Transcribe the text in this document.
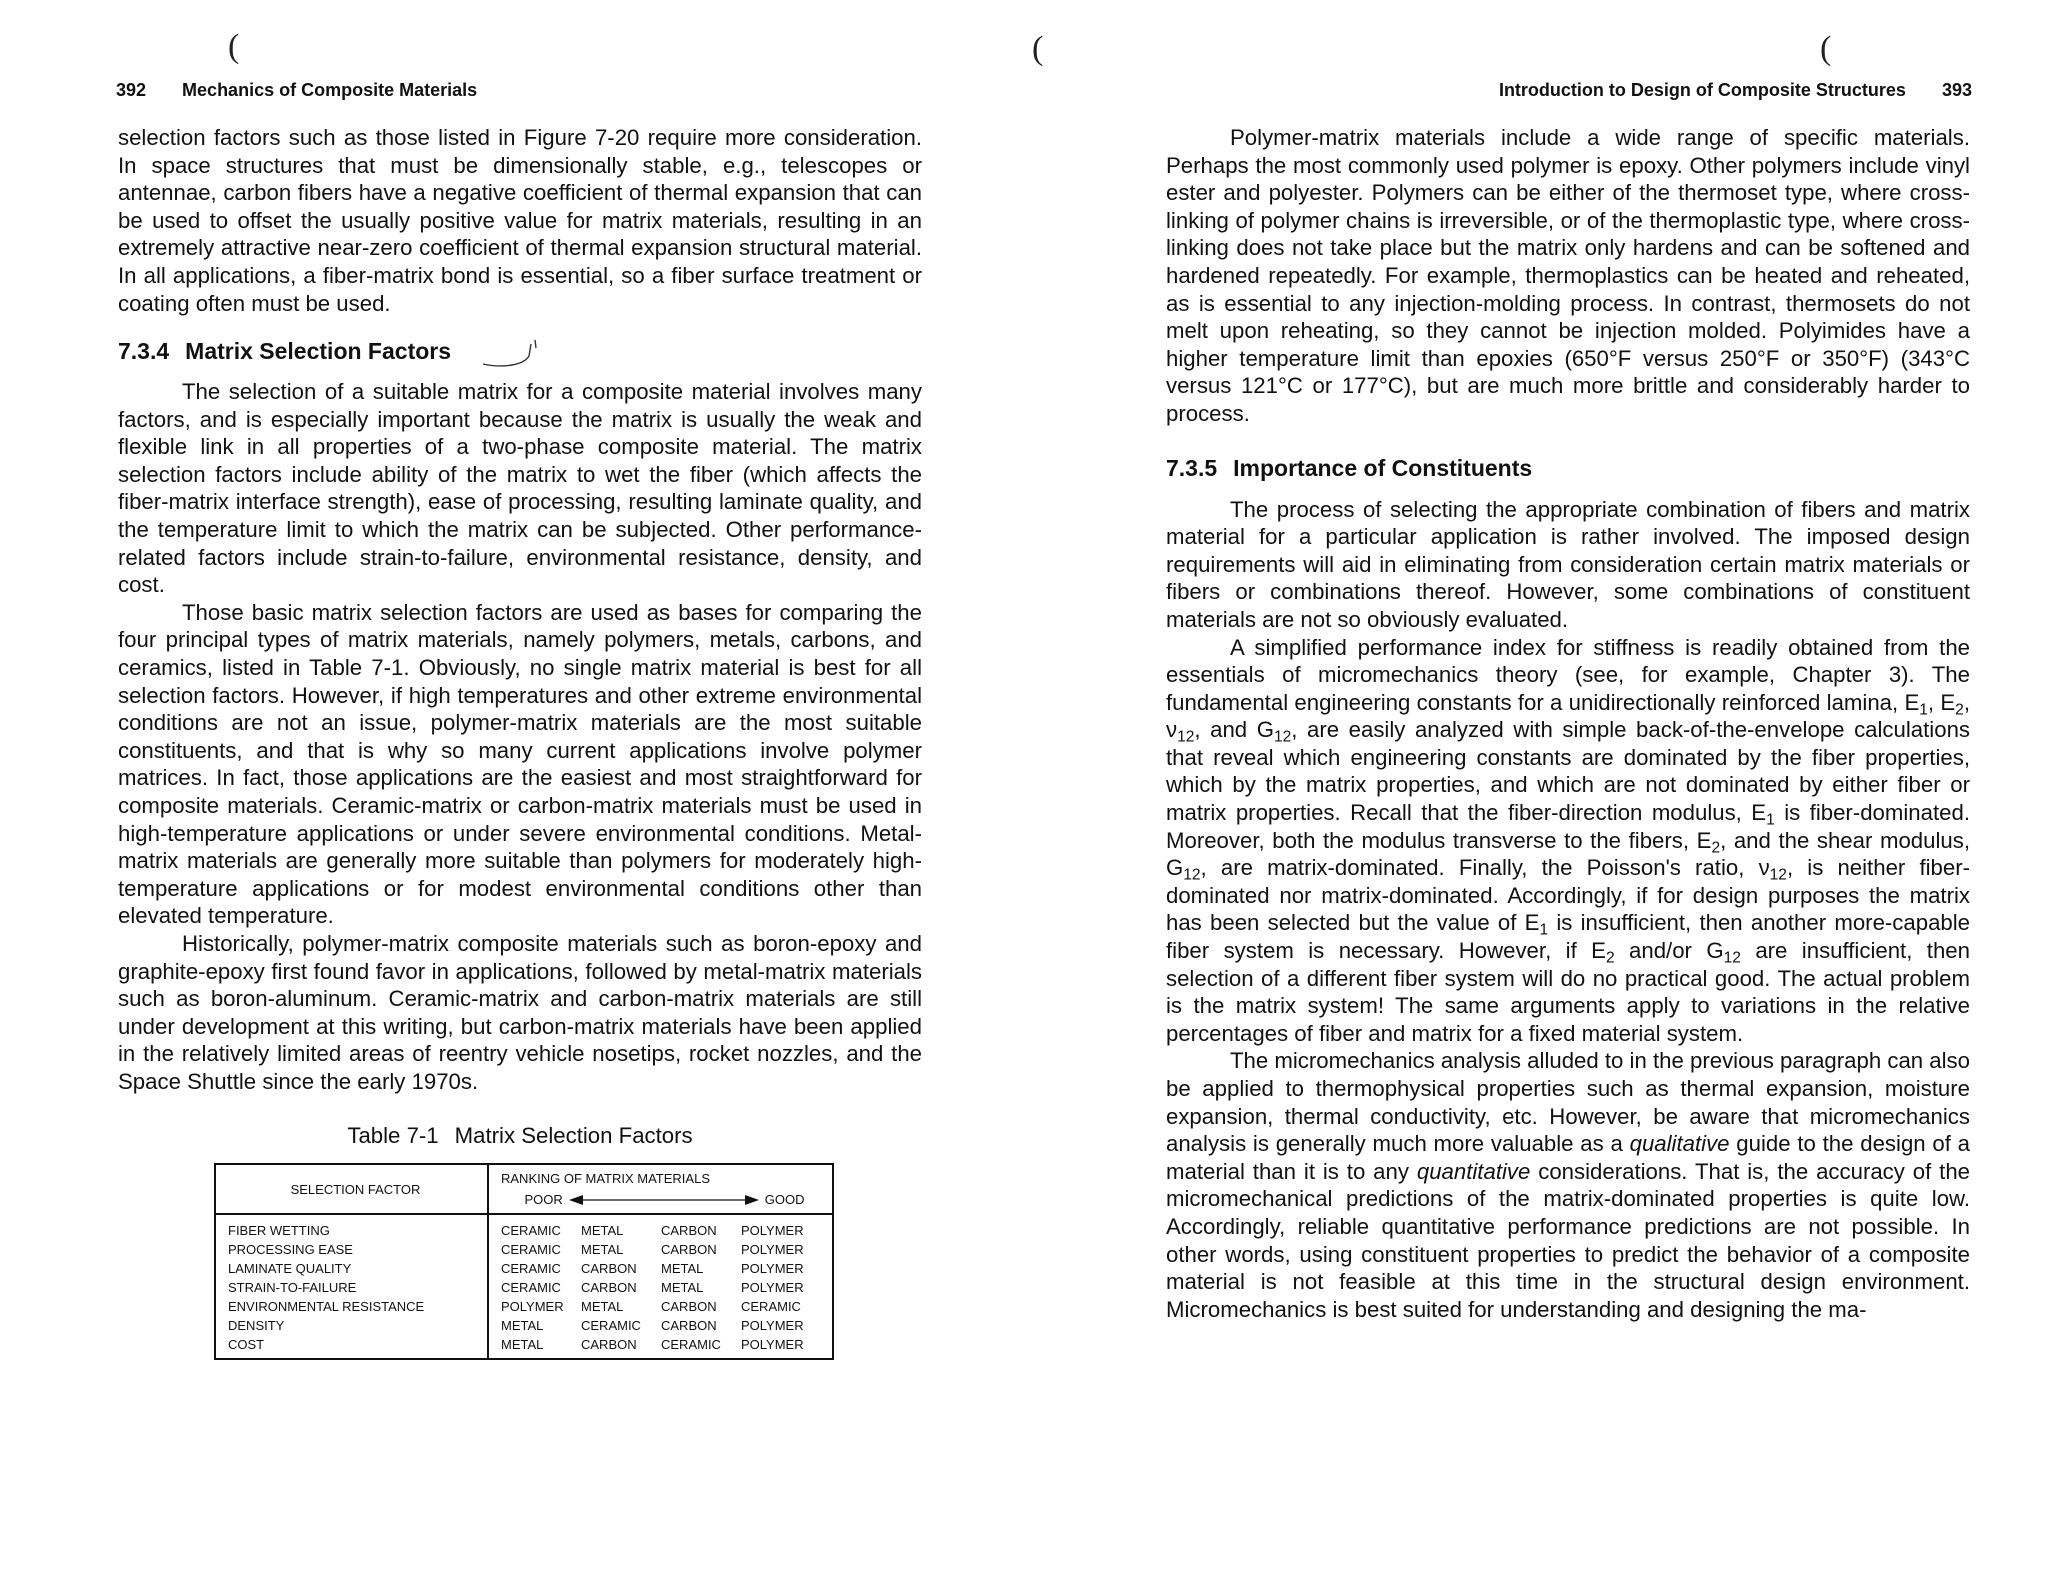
(
392 Mechanics of Composite Materials

selection factors such as those listed in Figure 7-20 require more consideration. In space structures that must be dimensionally stable, e.g., telescopes or antennae, carbon fibers have a negative coefficient of thermal expansion that can be used to offset the usually positive value for matrix materials, resulting in an extremely attractive near-zero coefficient of thermal expansion structural material. In all applications, a fiber-matrix bond is essential, so a fiber surface treatment or coating often must be used.

7.3.4 Matrix Selection Factors

The selection of a suitable matrix for a composite material involves many factors, and is especially important because the matrix is usually the weak and flexible link in all properties of a two-phase composite material. The matrix selection factors include ability of the matrix to wet the fiber (which affects the fiber-matrix interface strength), ease of processing, resulting laminate quality, and the temperature limit to which the matrix can be subjected. Other performance-related factors include strain-to-failure, environmental resistance, density, and cost.

Those basic matrix selection factors are used as bases for comparing the four principal types of matrix materials, namely polymers, metals, carbons, and ceramics, listed in Table 7-1. Obviously, no single matrix material is best for all selection factors. However, if high temperatures and other extreme environmental conditions are not an issue, polymer-matrix materials are the most suitable constituents, and that is why so many current applications involve polymer matrices. In fact, those applications are the easiest and most straightforward for composite materials. Ceramic-matrix or carbon-matrix materials must be used in high-temperature applications or under severe environmental conditions. Metal-matrix materials are generally more suitable than polymers for moderately high-temperature applications or for modest environmental conditions other than elevated temperature.

Historically, polymer-matrix composite materials such as boron-epoxy and graphite-epoxy first found favor in applications, followed by metal-matrix materials such as boron-aluminum. Ceramic-matrix and carbon-matrix materials are still under development at this writing, but carbon-matrix materials have been applied in the relatively limited areas of reentry vehicle nosetips, rocket nozzles, and the Space Shuttle since the early 1970s.

Table 7-1 Matrix Selection Factors
SELECTION FACTOR	RANKING OF MATRIX MATERIALS
POOR GOOD

FIBER WETTING	CERAMIC METAL CARBON POLYMER

PROCESSING EASE	CERAMIC METAL CARBON POLYMER

LAMINATE QUALITY	CERAMIC CARBON METAL POLYMER

STRAIN-TO-FAILURE	CERAMIC CARBON METAL POLYMER

ENVIRONMENTAL RESISTANCE	POLYMER METAL CARBON CERAMIC

DENSITY	METAL CERAMIC CARBON POLYMER

COST	METAL CARBON CERAMIC POLYMER
(	(
Introduction to Design of Composite Structures 393

Polymer-matrix materials include a wide range of specific materials. Perhaps the most commonly used polymer is epoxy. Other polymers include vinyl ester and polyester. Polymers can be either of the thermoset type, where cross-linking of polymer chains is irreversible, or of the thermoplastic type, where cross-linking does not take place but the matrix only hardens and can be softened and hardened repeatedly. For example, thermoplastics can be heated and reheated, as is essential to any injection-molding process. In contrast, thermosets do not melt upon reheating, so they cannot be injection molded. Polyimides have a higher temperature limit than epoxies (650°F versus 250°F or 350°F) (343°C versus 121°C or 177°C), but are much more brittle and considerably harder to process.

7.3.5 Importance of Constituents

The process of selecting the appropriate combination of fibers and matrix material for a particular application is rather involved. The imposed design requirements will aid in eliminating from consideration certain matrix materials or fibers or combinations thereof. However, some combinations of constituent materials are not so obviously evaluated.

A simplified performance index for stiffness is readily obtained from the essentials of micromechanics theory (see, for example, Chapter 3). The fundamental engineering constants for a unidirectionally reinforced lamina, $E_1$, $E_2$, $\nu_{12}$, and $G_{12}$, are easily analyzed with simple back-of-the-envelope calculations that reveal which engineering constants are dominated by the fiber properties, which by the matrix properties, and which are not dominated by either fiber or matrix properties. Recall that the fiber-direction modulus, $E_1$ is fiber-dominated. Moreover, both the modulus transverse to the fibers, $E_2$, and the shear modulus, $G_{12}$, are matrix-dominated. Finally, the Poisson's ratio, $\nu_{12}$, is neither fiber-dominated nor matrix-dominated. Accordingly, if for design purposes the matrix has been selected but the value of $E_1$ is insufficient, then another more-capable fiber system is necessary. However, if $E_2$ and/or $G_{12}$ are insufficient, then selection of a different fiber system will do no practical good. The actual problem is the matrix system! The same arguments apply to variations in the relative percentages of fiber and matrix for a fixed material system.

The micromechanics analysis alluded to in the previous paragraph can also be applied to thermophysical properties such as thermal expansion, moisture expansion, thermal conductivity, etc. However, be aware that micromechanics analysis is generally much more valuable as a qualitative guide to the design of a material than it is to any quantitative considerations. That is, the accuracy of the micromechanical predictions of the matrix-dominated properties is quite low. Accordingly, reliable quantitative performance predictions are not possible. In other words, using constituent properties to predict the behavior of a composite material is not feasible at this time in the structural design environment. Micromechanics is best suited for understanding and designing the ma-
